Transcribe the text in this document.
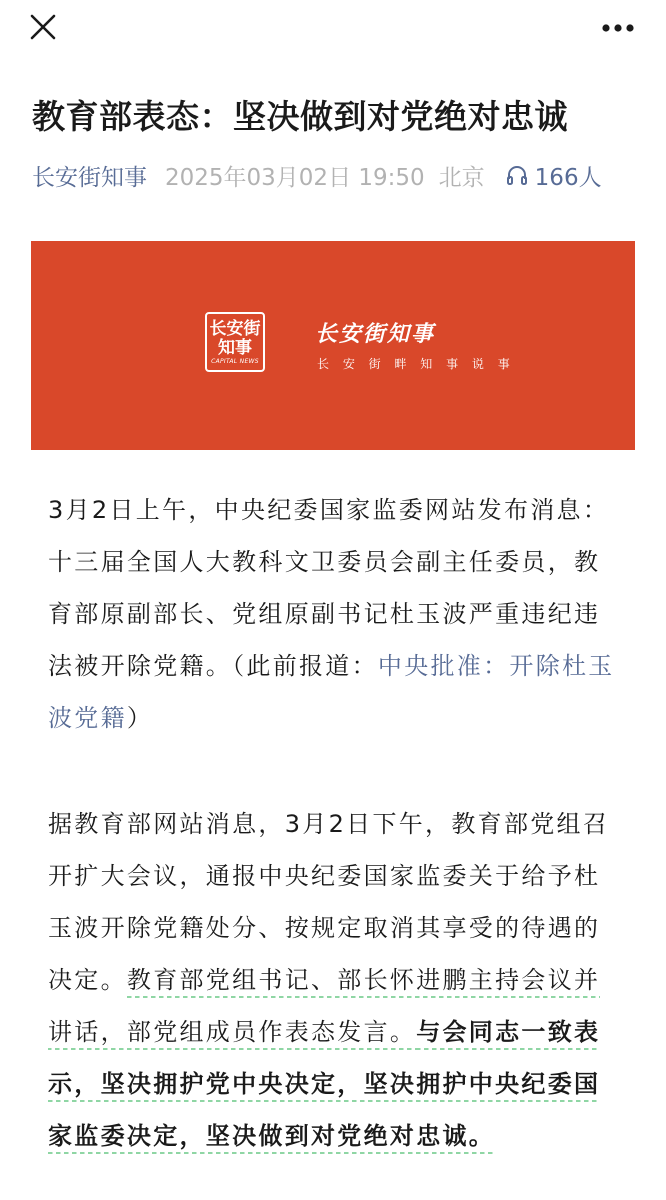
教育部表态：坚决做到对党绝对忠诚
长安街知事 2025年03月02日 19:50 北京 166人
长安街
知事
CAPITAL NEWS
长安街知事
长 安 街 畔 知 事 说 事

3月2日上午，中央纪委国家监委网站发布消息：十三届全国人大教科文卫委员会副主任委员，教育部原副部长、党组原副书记杜玉波严重违纪违法被开除党籍。（此前报道：中央批准：开除杜玉波党籍）

据教育部网站消息，3月2日下午，教育部党组召开扩大会议，通报中央纪委国家监委关于给予杜玉波开除党籍处分、按规定取消其享受的待遇的决定。教育部党组书记、部长怀进鹏主持会议并讲话，部党组成员作表态发言。与会同志一致表示，坚决拥护党中央决定，坚决拥护中央纪委国家监委决定，坚决做到对党绝对忠诚。
